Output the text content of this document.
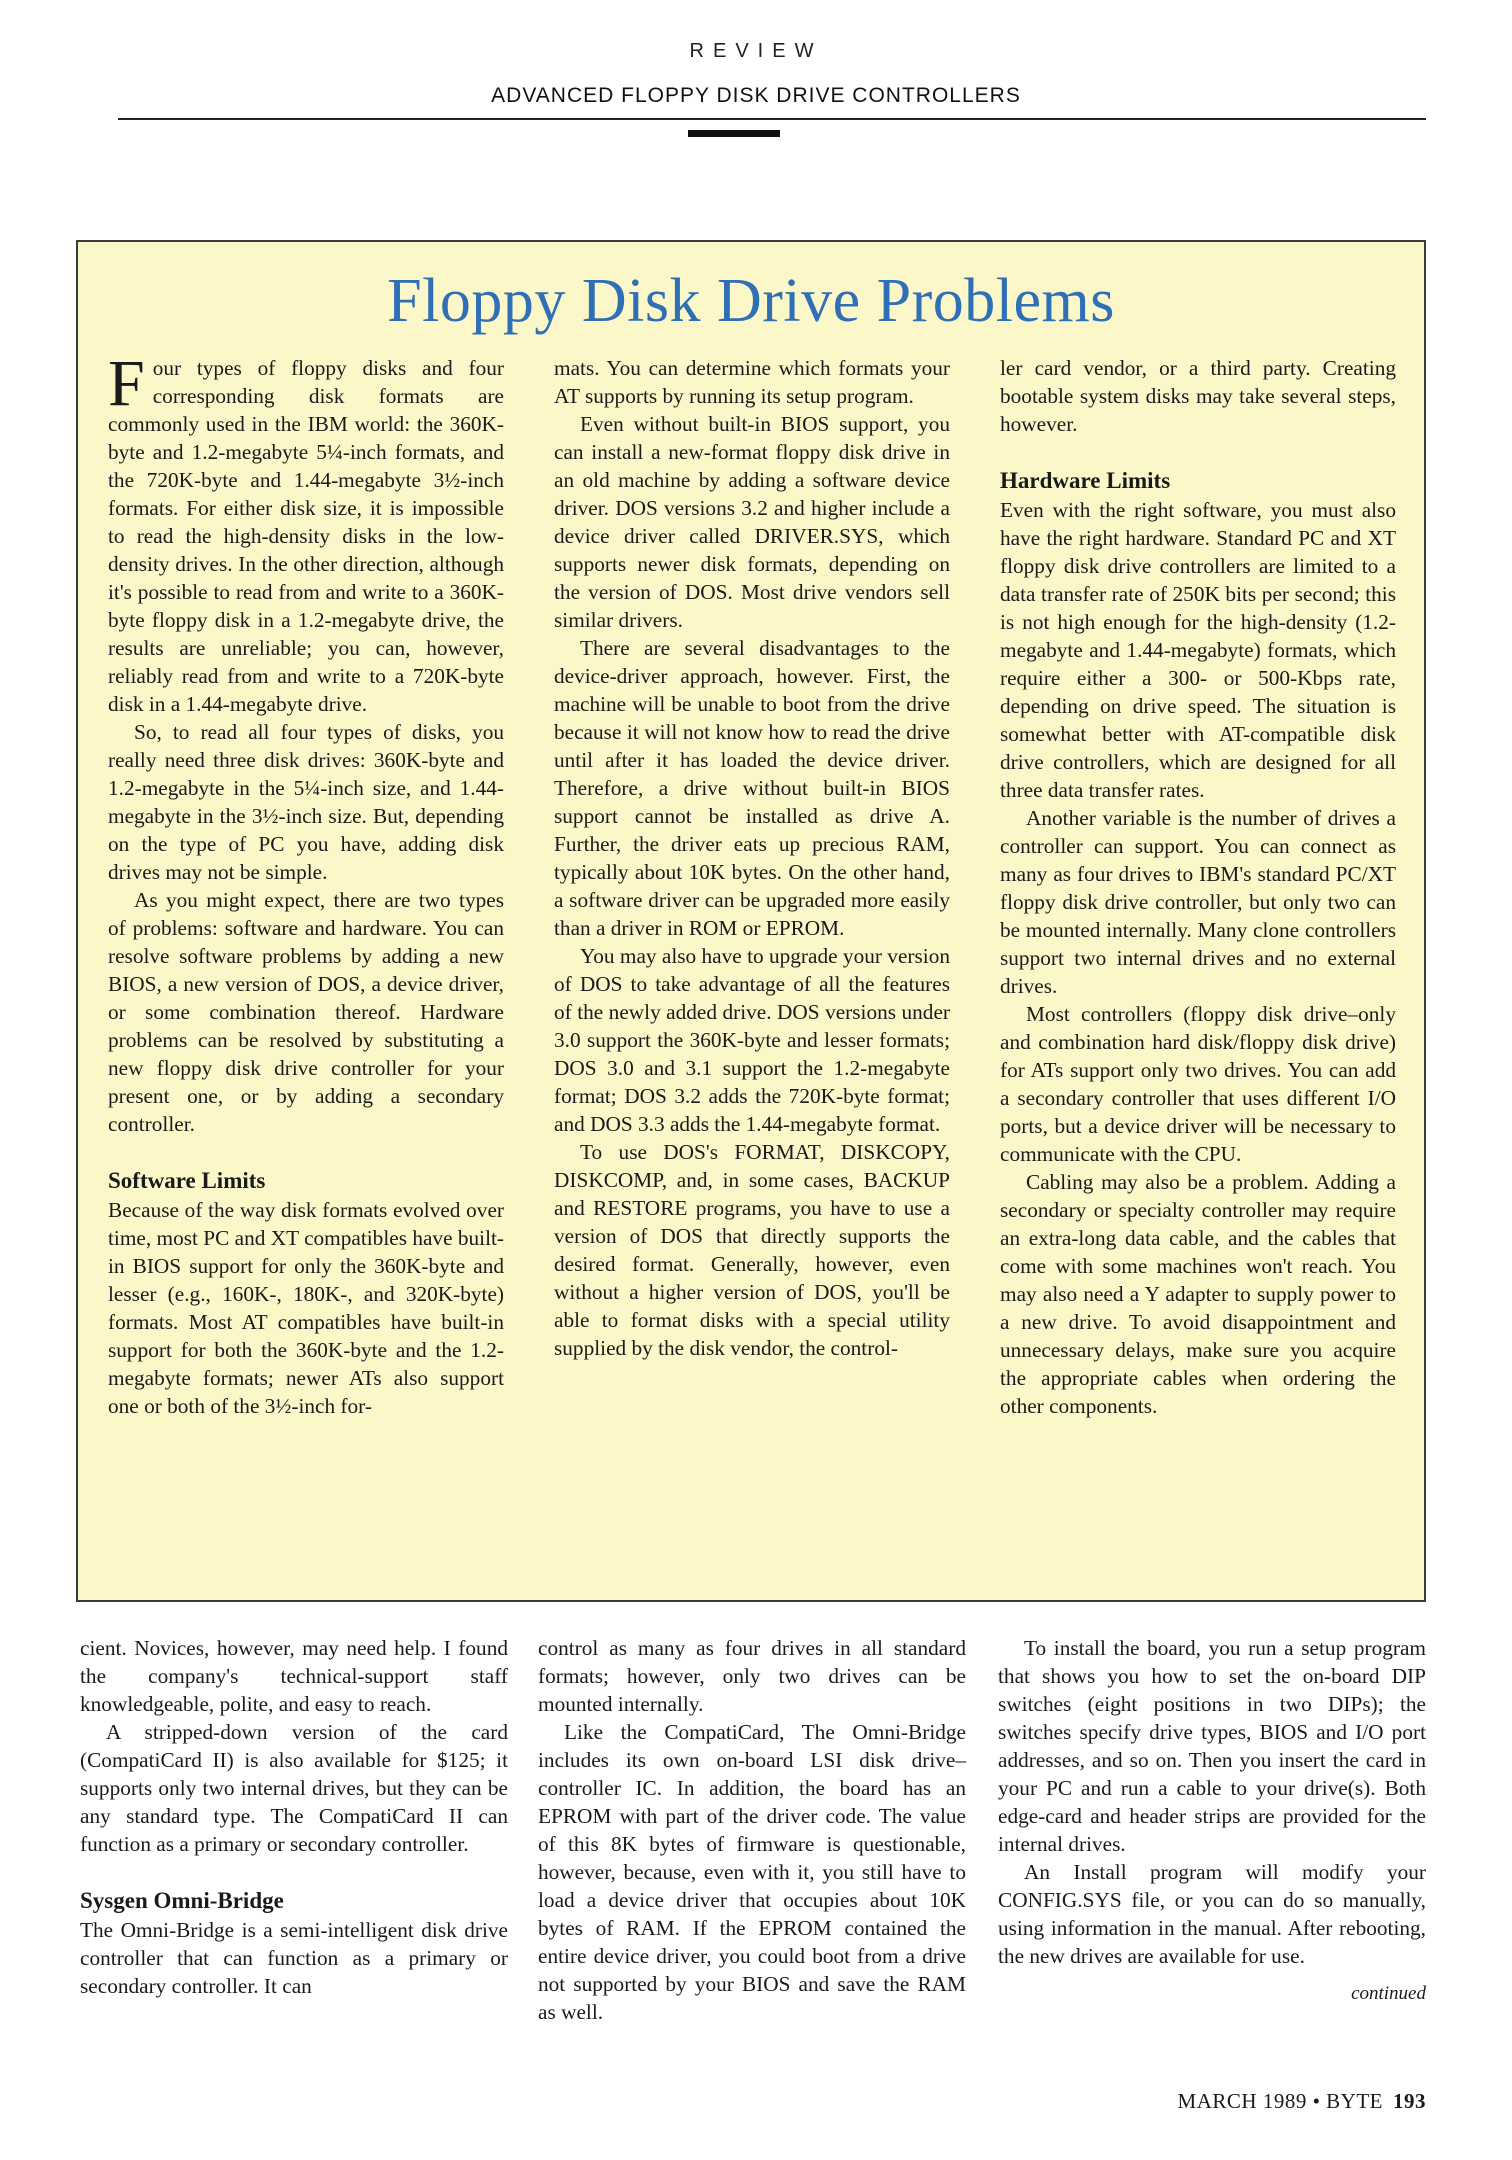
REVIEW
ADVANCED FLOPPY DISK DRIVE CONTROLLERS
Floppy Disk Drive Problems

Four types of floppy disks and four corresponding disk formats are commonly used in the IBM world: the 360K-byte and 1.2-megabyte 5¼-inch formats, and the 720K-byte and 1.44-megabyte 3½-inch formats. For either disk size, it is impossible to read the high-density disks in the low-density drives. In the other direction, although it's possible to read from and write to a 360K-byte floppy disk in a 1.2-megabyte drive, the results are unreliable; you can, however, reliably read from and write to a 720K-byte disk in a 1.44-megabyte drive.

So, to read all four types of disks, you really need three disk drives: 360K-byte and 1.2-megabyte in the 5¼-inch size, and 1.44-megabyte in the 3½-inch size. But, depending on the type of PC you have, adding disk drives may not be simple.

As you might expect, there are two types of problems: software and hardware. You can resolve software problems by adding a new BIOS, a new version of DOS, a device driver, or some combination thereof. Hardware problems can be resolved by substituting a new floppy disk drive controller for your present one, or by adding a secondary controller.

Software Limits

Because of the way disk formats evolved over time, most PC and XT compatibles have built-in BIOS support for only the 360K-byte and lesser (e.g., 160K-, 180K-, and 320K-byte) formats. Most AT compatibles have built-in support for both the 360K-byte and the 1.2-megabyte formats; newer ATs also support one or both of the 3½-inch for-

mats. You can determine which formats your AT supports by running its setup program.

Even without built-in BIOS support, you can install a new-format floppy disk drive in an old machine by adding a software device driver. DOS versions 3.2 and higher include a device driver called DRIVER.SYS, which supports newer disk formats, depending on the version of DOS. Most drive vendors sell similar drivers.

There are several disadvantages to the device-driver approach, however. First, the machine will be unable to boot from the drive because it will not know how to read the drive until after it has loaded the device driver. Therefore, a drive without built-in BIOS support cannot be installed as drive A. Further, the driver eats up precious RAM, typically about 10K bytes. On the other hand, a software driver can be upgraded more easily than a driver in ROM or EPROM.

You may also have to upgrade your version of DOS to take advantage of all the features of the newly added drive. DOS versions under 3.0 support the 360K-byte and lesser formats; DOS 3.0 and 3.1 support the 1.2-megabyte format; DOS 3.2 adds the 720K-byte format; and DOS 3.3 adds the 1.44-megabyte format.

To use DOS's FORMAT, DISKCOPY, DISKCOMP, and, in some cases, BACKUP and RESTORE programs, you have to use a version of DOS that directly supports the desired format. Generally, however, even without a higher version of DOS, you'll be able to format disks with a special utility supplied by the disk vendor, the control-

ler card vendor, or a third party. Creating bootable system disks may take several steps, however.

Hardware Limits

Even with the right software, you must also have the right hardware. Standard PC and XT floppy disk drive controllers are limited to a data transfer rate of 250K bits per second; this is not high enough for the high-density (1.2-megabyte and 1.44-megabyte) formats, which require either a 300- or 500-Kbps rate, depending on drive speed. The situation is somewhat better with AT-compatible disk drive controllers, which are designed for all three data transfer rates.

Another variable is the number of drives a controller can support. You can connect as many as four drives to IBM's standard PC/XT floppy disk drive controller, but only two can be mounted internally. Many clone controllers support two internal drives and no external drives.

Most controllers (floppy disk drive–only and combination hard disk/floppy disk drive) for ATs support only two drives. You can add a secondary controller that uses different I/O ports, but a device driver will be necessary to communicate with the CPU.

Cabling may also be a problem. Adding a secondary or specialty controller may require an extra-long data cable, and the cables that come with some machines won't reach. You may also need a Y adapter to supply power to a new drive. To avoid disappointment and unnecessary delays, make sure you acquire the appropriate cables when ordering the other components.

cient. Novices, however, may need help. I found the company's technical-support staff knowledgeable, polite, and easy to reach.

A stripped-down version of the card (CompatiCard II) is also available for $125; it supports only two internal drives, but they can be any standard type. The CompatiCard II can function as a primary or secondary controller.

Sysgen Omni-Bridge

The Omni-Bridge is a semi-intelligent disk drive controller that can function as a primary or secondary controller. It can

control as many as four drives in all standard formats; however, only two drives can be mounted internally.

Like the CompatiCard, The Omni-Bridge includes its own on-board LSI disk drive–controller IC. In addition, the board has an EPROM with part of the driver code. The value of this 8K bytes of firmware is questionable, however, because, even with it, you still have to load a device driver that occupies about 10K bytes of RAM. If the EPROM contained the entire device driver, you could boot from a drive not supported by your BIOS and save the RAM as well.

To install the board, you run a setup program that shows you how to set the on-board DIP switches (eight positions in two DIPs); the switches specify drive types, BIOS and I/O port addresses, and so on. Then you insert the card in your PC and run a cable to your drive(s). Both edge-card and header strips are provided for the internal drives.

An Install program will modify your CONFIG.SYS file, or you can do so manually, using information in the manual. After rebooting, the new drives are available for use.

continued
MARCH 1989 • BYTE 193
